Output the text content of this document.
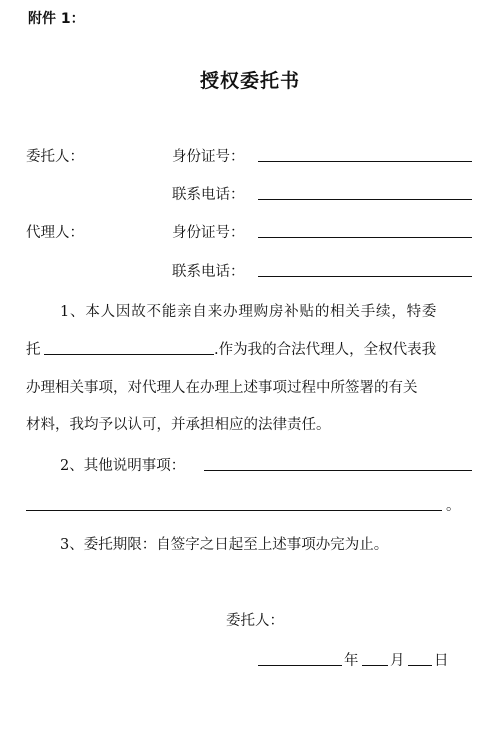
附件 1：
授权委托书
委托人：	身份证号：
联系电话：
代理人：	身份证号：
联系电话：
1、本人因故不能亲自来办理购房补贴的相关手续，特委
托	.作为我的合法代理人，全权代表我
办理相关事项，对代理人在办理上述事项过程中所签署的有关
材料，我均予以认可，并承担相应的法律责任。
2、其他说明事项：
。
3、委托期限：自签字之日起至上述事项办完为止。
委托人：
年 月 日
